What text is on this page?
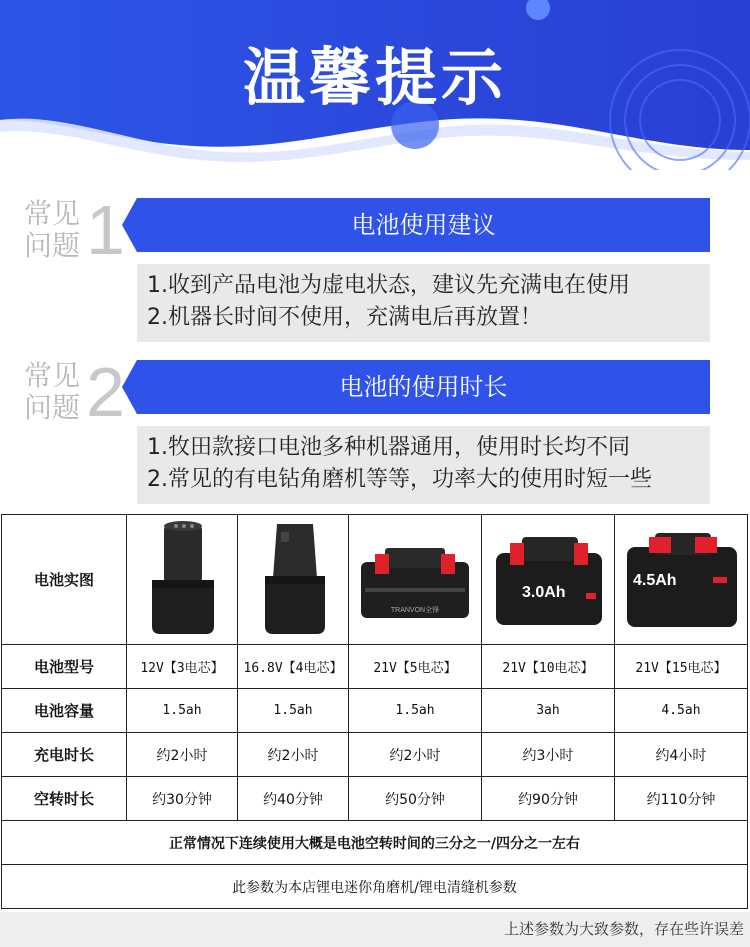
温馨提示
常见问题 1	电池使用建议
1.收到产品电池为虚电状态，建议先充满电在使用
2.机器长时间不使用，充满电后再放置！
常见问题 2	电池的使用时长
1.牧田款接口电池多种机器通用，使用时长均不同
2.常见的有电钻角磨机等等，功率大的使用时短一些
电池实图			TRANVON全锋	3.0Ah	4.5Ah

电池型号	12V【3电芯】	16.8V【4电芯】	21V【5电芯】	21V【10电芯】	21V【15电芯】
电池容量	1.5ah	1.5ah	1.5ah	3ah	4.5ah
充电时长	约2小时	约2小时	约2小时	约3小时	约4小时
空转时长	约30分钟	约40分钟	约50分钟	约90分钟	约110分钟
正常情况下连续使用大概是电池空转时间的三分之一/四分之一左右					
此参数为本店锂电迷你角磨机/锂电清缝机参数					
上述参数为大致参数，存在些许误差
